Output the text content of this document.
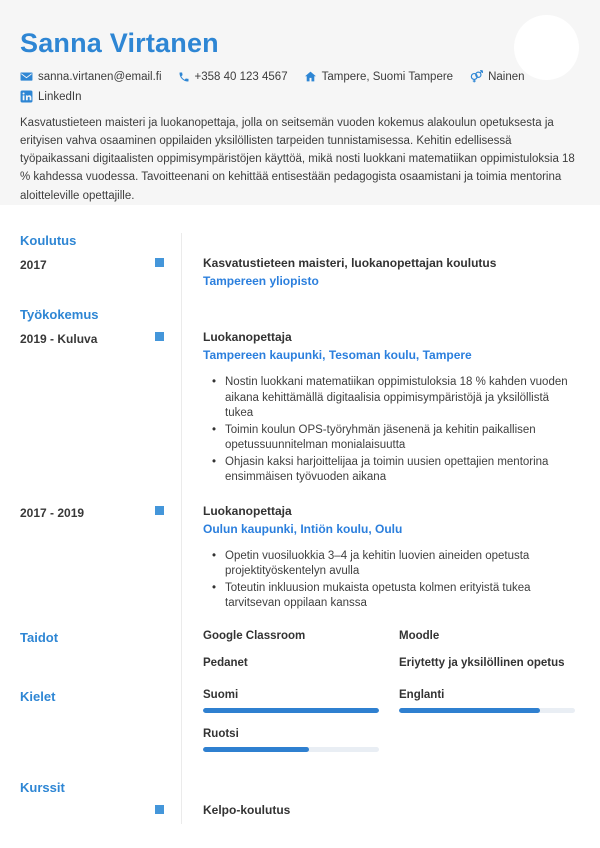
Sanna Virtanen
sanna.virtanen@email.fi	+358 40 123 4567	Tampere, Suomi Tampere	Nainen
LinkedIn

Kasvatustieteen maisteri ja luokanopettaja, jolla on seitsemän vuoden kokemus alakoulun opetuksesta ja erityisen vahva osaaminen oppilaiden yksilöllisten tarpeiden tunnistamisessa. Kehitin edellisessä työpaikassani digitaalisten oppimisympäristöjen käyttöä, mikä nosti luokkani matematiikan oppimistuloksia 18 % kahdessa vuodessa. Tavoitteenani on kehittää entisestään pedagogista osaamistani ja toimia mentorina aloitteleville opettajille.

Koulutus
2017	Kasvatustieteen maisteri, luokanopettajan koulutus
Tampereen yliopisto
Työkokemus
2019 - Kuluva	Luokanopettaja
Tampereen kaupunki, Tesoman koulu, Tampere
• Nostin luokkani matematiikan oppimistuloksia 18 % kahden vuoden aikana kehittämällä digitaalisia oppimisympäristöjä ja yksilöllistä tukea
• Toimin koulun OPS-työryhmän jäsenenä ja kehitin paikallisen opetussuunnitelman monialaisuutta
• Ohjasin kaksi harjoittelijaa ja toimin uusien opettajien mentorina ensimmäisen työvuoden aikana
2017 - 2019	Luokanopettaja
Oulun kaupunki, Intiön koulu, Oulu
• Opetin vuosiluokkia 3–4 ja kehitin luovien aineiden opetusta projektityöskentelyn avulla
• Toteutin inkluusion mukaista opetusta kolmen erityistä tukea tarvitsevan oppilaan kanssa
Taidot	Google Classroom	Moodle
Pedanet	Eriytetty ja yksilöllinen opetus
Kielet	Suomi	Englanti
Ruotsi
Kurssit
Kelpo-koulutus
